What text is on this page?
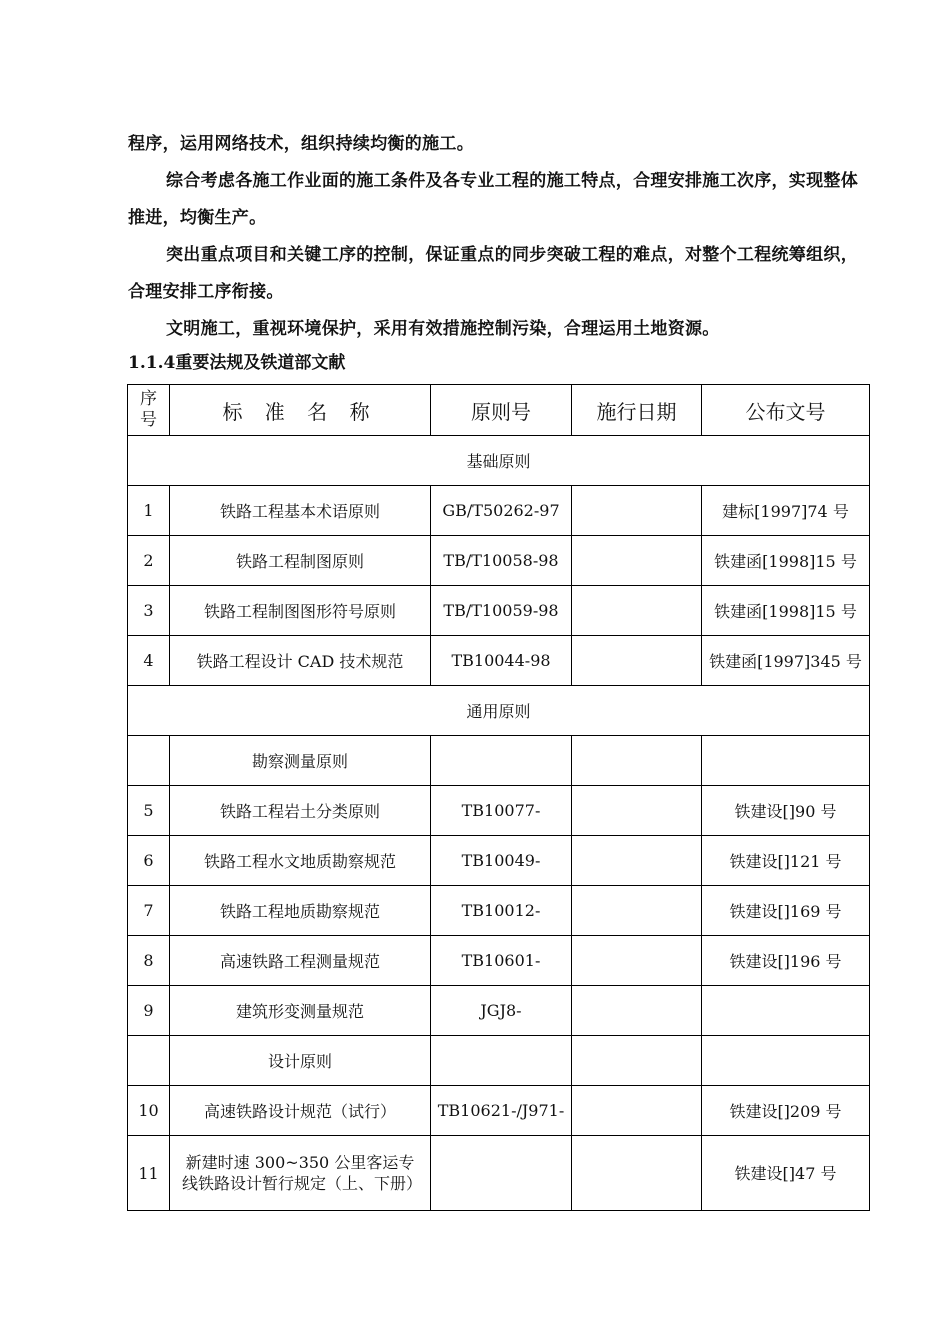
程序，运用网络技术，组织持续均衡的施工。
综合考虑各施工作业面的施工条件及各专业工程的施工特点，合理安排施工次序，实现整体推进，均衡生产。
突出重点项目和关键工序的控制，保证重点的同步突破工程的难点，对整个工程统筹组织，合理安排工序衔接。
文明施工，重视环境保护，采用有效措施控制污染，合理运用土地资源。
1.1.4重要法规及铁道部文献
序号	标 准 名 称	原则号	施行日期	公布文号
基础原则				
1	铁路工程基本术语原则	GB/T50262-97		建标[1997]74 号
2	铁路工程制图原则	TB/T10058-98		铁建函[1998]15 号
3	铁路工程制图图形符号原则	TB/T10059-98		铁建函[1998]15 号
4	铁路工程设计 CAD 技术规范	TB10044-98		铁建函[1997]345 号
通用原则				
	勘察测量原则			
5	铁路工程岩土分类原则	TB10077-		铁建设[]90 号
6	铁路工程水文地质勘察规范	TB10049-		铁建设[]121 号
7	铁路工程地质勘察规范	TB10012-		铁建设[]169 号
8	高速铁路工程测量规范	TB10601-		铁建设[]196 号
9	建筑形变测量规范	JGJ8-		
	设计原则			
10	高速铁路设计规范（试行）	TB10621-/J971-		铁建设[]209 号
11	新建时速 300~350 公里客运专线铁路设计暂行规定（上、下册）			铁建设[]47 号
